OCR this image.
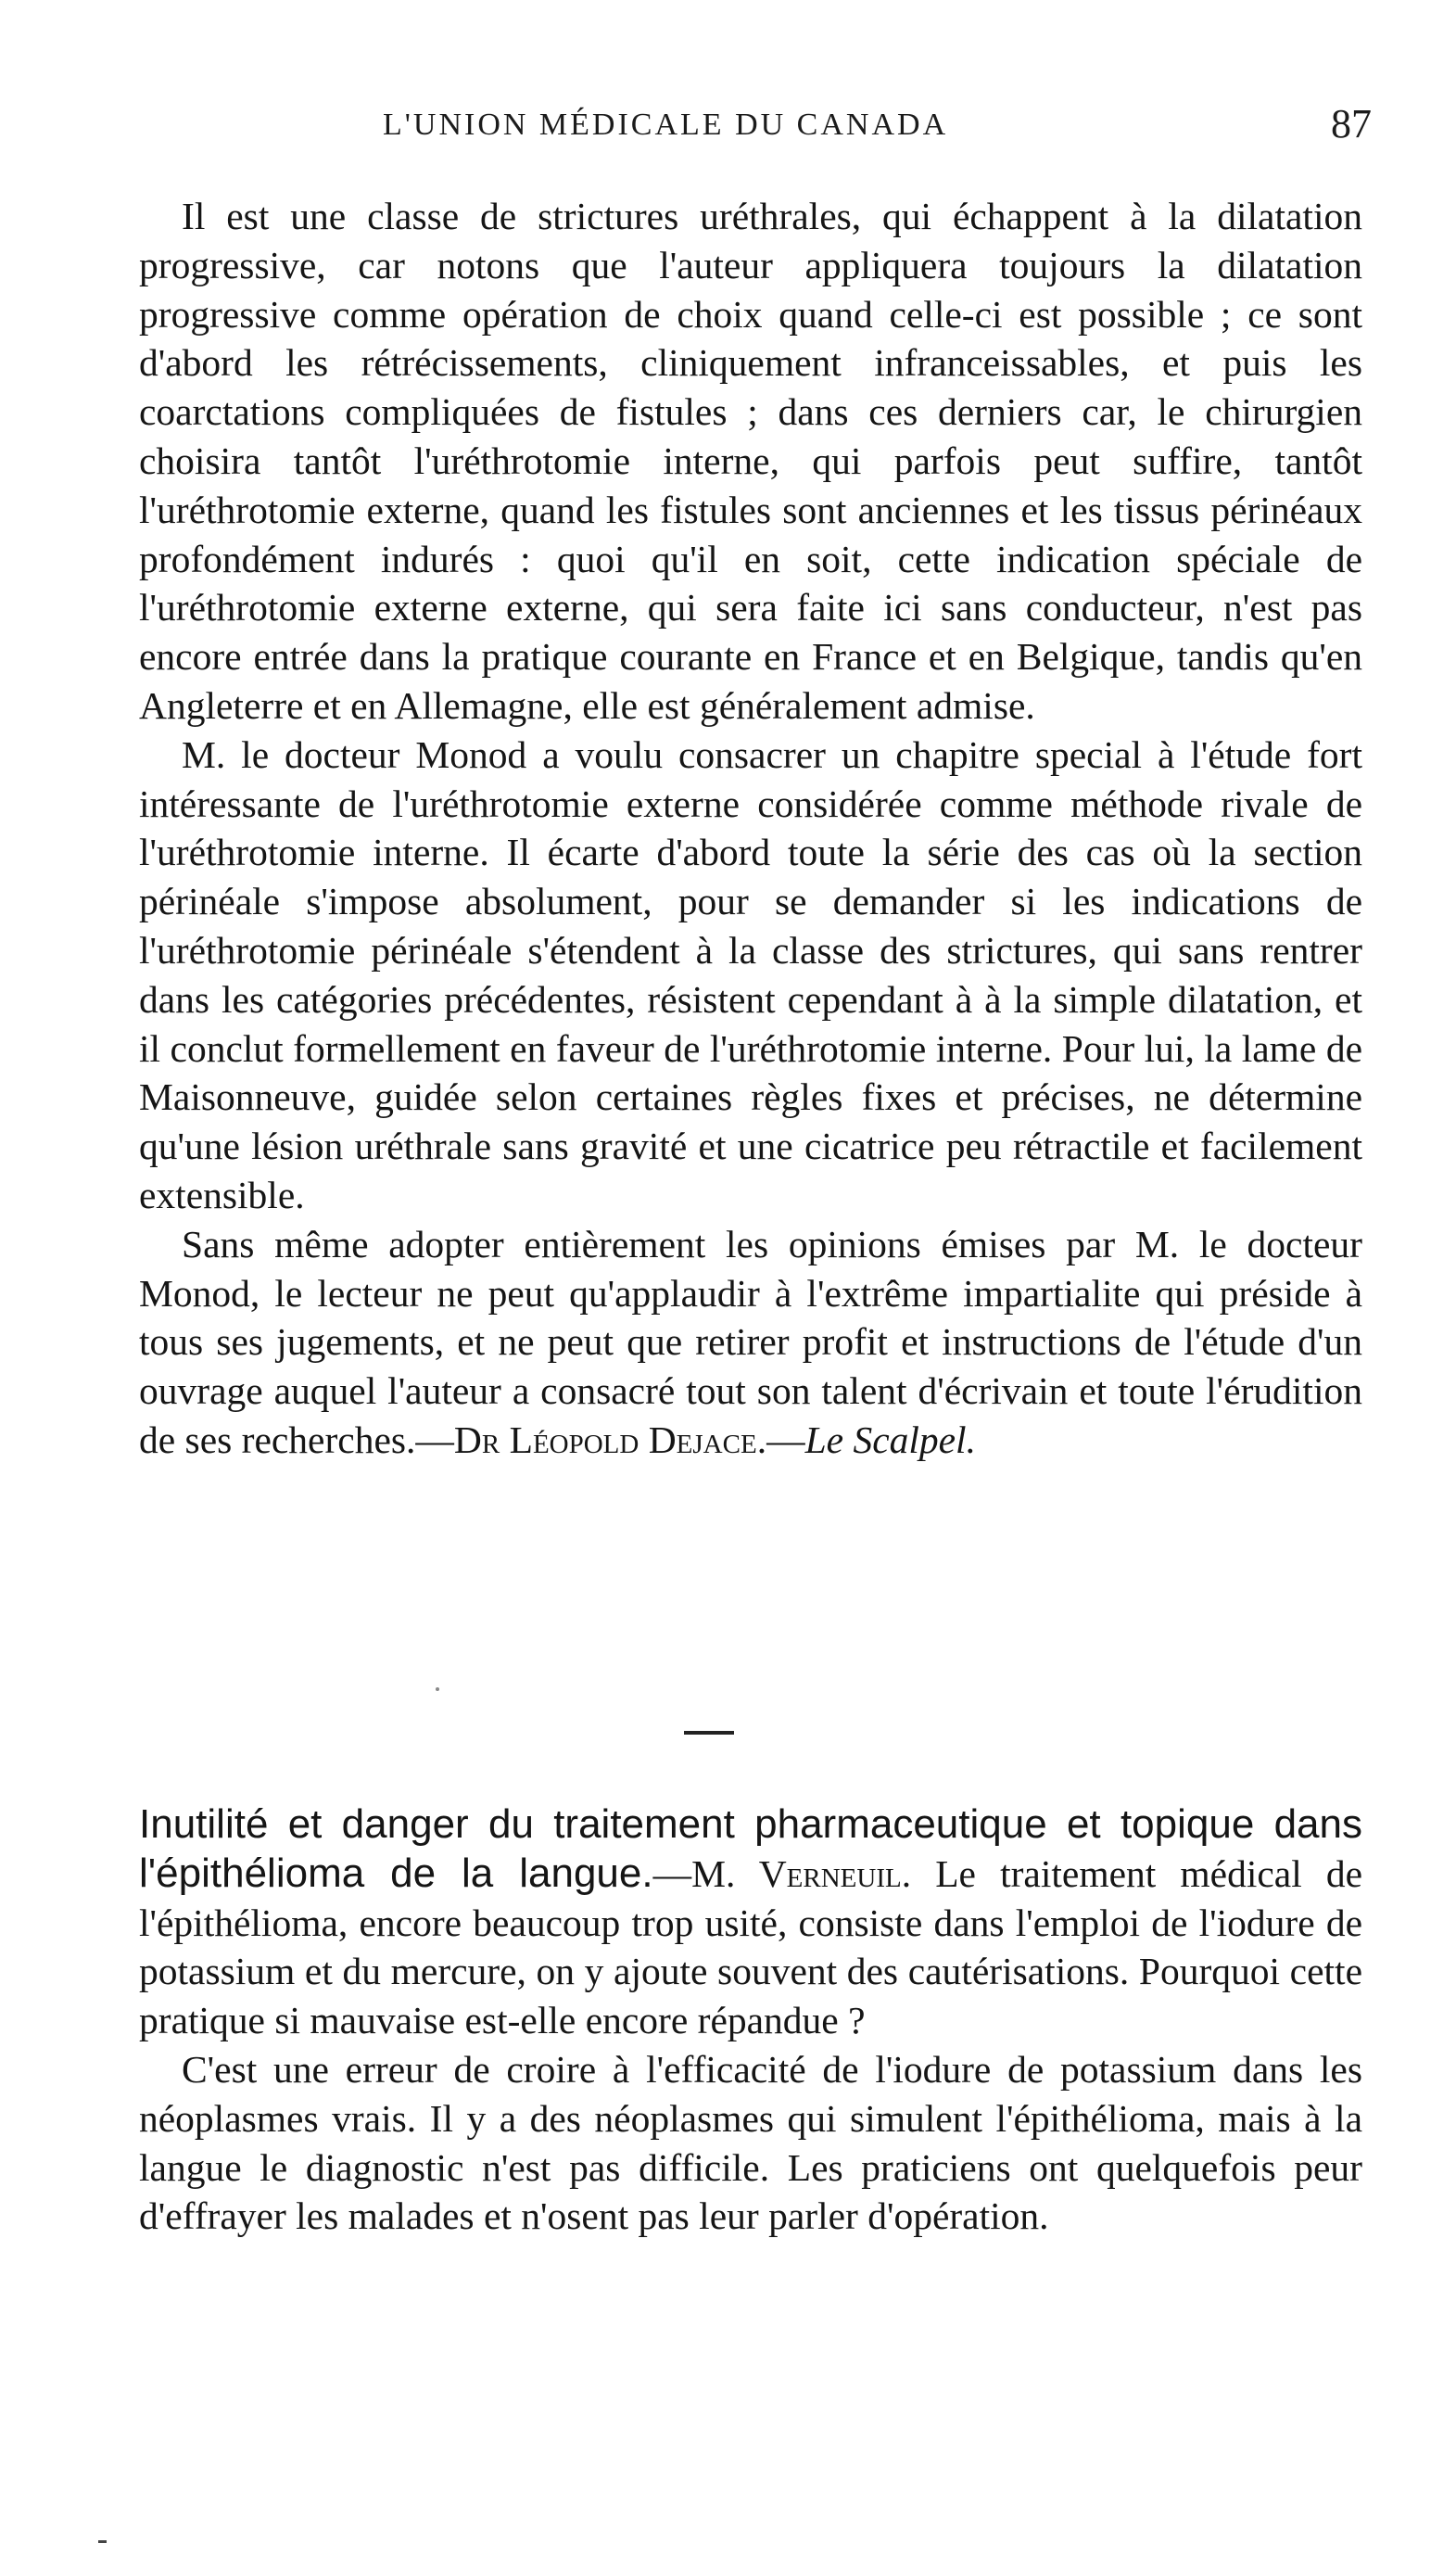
L'UNION MÉDICALE DU CANADA	87

Il est une classe de strictures uréthrales, qui échappent à la dilatation progressive, car notons que l'auteur appliquera toujours la dilatation progressive comme opération de choix quand celle-ci est possible ; ce sont d'abord les rétrécissements, cliniquement infranceissables, et puis les coarctations compliquées de fistules ; dans ces derniers car, le chirurgien choisira tantôt l'uréthrotomie interne, qui parfois peut suffire, tantôt l'uréthrotomie externe, quand les fistules sont anciennes et les tissus périnéaux profondément indurés : quoi qu'il en soit, cette indication spéciale de l'uréthrotomie externe externe, qui sera faite ici sans conducteur, n'est pas encore entrée dans la pratique courante en France et en Belgique, tandis qu'en Angleterre et en Allemagne, elle est généralement admise.

M. le docteur Monod a voulu consacrer un chapitre special à l'étude fort intéressante de l'uréthrotomie externe considérée comme méthode rivale de l'uréthrotomie interne. Il écarte d'abord toute la série des cas où la section périnéale s'impose absolument, pour se demander si les indications de l'uréthrotomie périnéale s'étendent à la classe des strictures, qui sans rentrer dans les catégories précédentes, résistent cependant à à la simple dilatation, et il conclut formellement en faveur de l'uréthrotomie interne. Pour lui, la lame de Maisonneuve, guidée selon certaines règles fixes et précises, ne détermine qu'une lésion uréthrale sans gravité et une cicatrice peu rétractile et facilement extensible.

Sans même adopter entièrement les opinions émises par M. le docteur Monod, le lecteur ne peut qu'applaudir à l'extrême impartialite qui préside à tous ses jugements, et ne peut que retirer profit et instructions de l'étude d'un ouvrage auquel l'auteur a consacré tout son talent d'écrivain et toute l'érudition de ses recherches.—Dr Léopold Dejace.—Le Scalpel.

Inutilité et danger du traitement pharmaceutique et topique dans l'épithélioma de la langue.—M. Verneuil. Le traitement médical de l'épithélioma, encore beaucoup trop usité, consiste dans l'emploi de l'iodure de potassium et du mercure, on y ajoute souvent des cautérisations. Pourquoi cette pratique si mauvaise est-elle encore répandue ?

C'est une erreur de croire à l'efficacité de l'iodure de potassium dans les néoplasmes vrais. Il y a des néoplasmes qui simulent l'épithélioma, mais à la langue le diagnostic n'est pas difficile. Les praticiens ont quelquefois peur d'effrayer les malades et n'osent pas leur parler d'opération.
